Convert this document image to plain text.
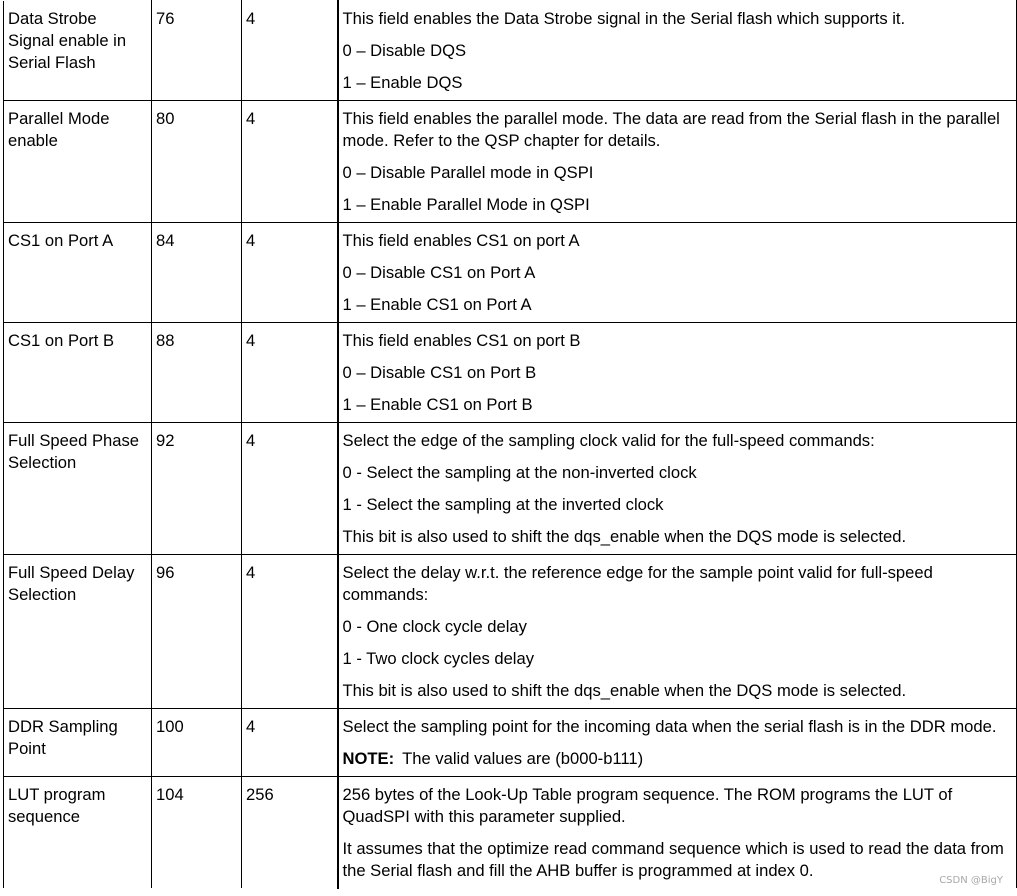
Data Strobe Signal enable in Serial Flash	76	4	This field enables the Data Strobe signal in the Serial flash which supports it.

0 – Disable DQS

1 – Enable DQS

Parallel Mode enable	80	4	This field enables the parallel mode. The data are read from the Serial flash in the parallel mode. Refer to the QSP chapter for details.

0 – Disable Parallel mode in QSPI

1 – Enable Parallel Mode in QSPI

CS1 on Port A	84	4	This field enables CS1 on port A

0 – Disable CS1 on Port A

1 – Enable CS1 on Port A

CS1 on Port B	88	4	This field enables CS1 on port B

0 – Disable CS1 on Port B

1 – Enable CS1 on Port B

Full Speed Phase Selection	92	4	Select the edge of the sampling clock valid for the full-speed commands:

0 - Select the sampling at the non-inverted clock

1 - Select the sampling at the inverted clock

This bit is also used to shift the dqs_enable when the DQS mode is selected.

Full Speed Delay Selection	96	4	Select the delay w.r.t. the reference edge for the sample point valid for full-speed commands:

0 - One clock cycle delay

1 - Two clock cycles delay

This bit is also used to shift the dqs_enable when the DQS mode is selected.

DDR Sampling Point	100	4	Select the sampling point for the incoming data when the serial flash is in the DDR mode.

NOTE: The valid values are (b000-b111)

LUT program sequence	104	256	256 bytes of the Look-Up Table program sequence. The ROM programs the LUT of QuadSPI with this parameter supplied.

It assumes that the optimize read command sequence which is used to read the data from the Serial flash and fill the AHB buffer is programmed at index 0.

CSDN @BigY
